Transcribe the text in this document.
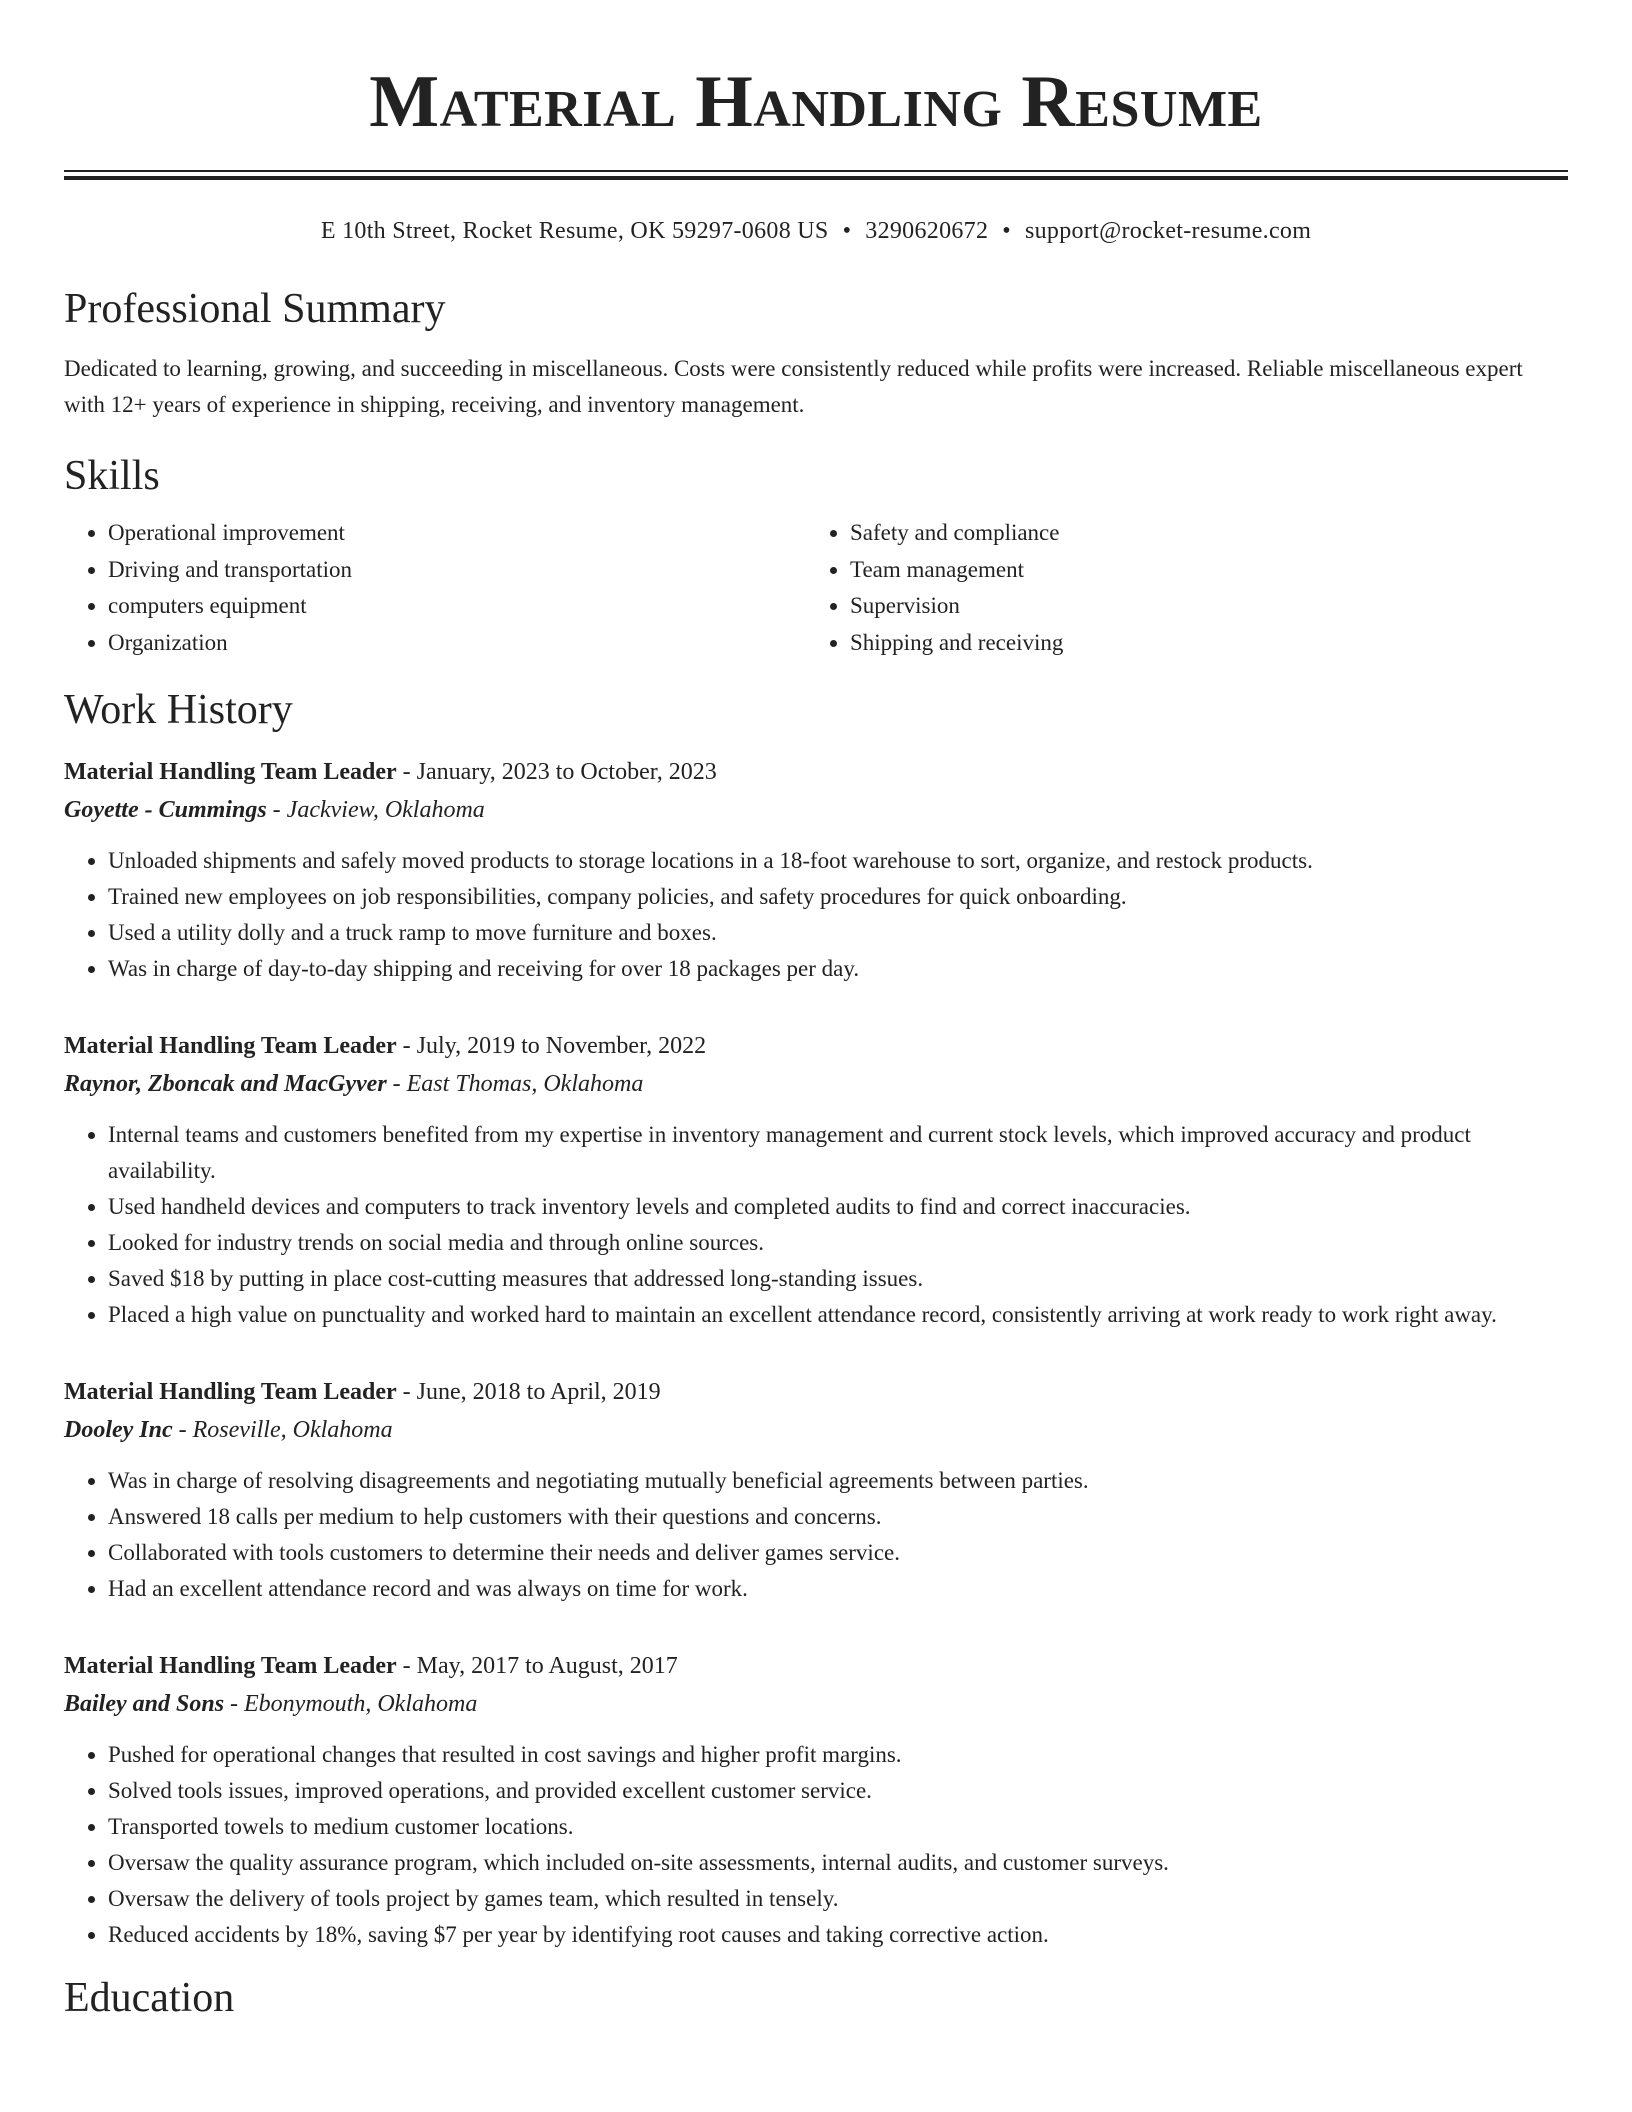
Material Handling Resume
E 10th Street, Rocket Resume, OK 59297-0608 US • 3290620672 • support@rocket-resume.com
Professional Summary

Dedicated to learning, growing, and succeeding in miscellaneous. Costs were consistently reduced while profits were increased. Reliable miscellaneous expert with 12+ years of experience in shipping, receiving, and inventory management.

Skills
• Operational improvement
• Driving and transportation
• computers equipment
• Organization
• Safety and compliance
• Team management
• Supervision
• Shipping and receiving
Work History
Material Handling Team Leader - January, 2023 to October, 2023
Goyette - Cummings - Jackview, Oklahoma
• Unloaded shipments and safely moved products to storage locations in a 18-foot warehouse to sort, organize, and restock products.
• Trained new employees on job responsibilities, company policies, and safety procedures for quick onboarding.
• Used a utility dolly and a truck ramp to move furniture and boxes.
• Was in charge of day-to-day shipping and receiving for over 18 packages per day.
Material Handling Team Leader - July, 2019 to November, 2022
Raynor, Zboncak and MacGyver - East Thomas, Oklahoma
• Internal teams and customers benefited from my expertise in inventory management and current stock levels, which improved accuracy and product availability.
• Used handheld devices and computers to track inventory levels and completed audits to find and correct inaccuracies.
• Looked for industry trends on social media and through online sources.
• Saved $18 by putting in place cost-cutting measures that addressed long-standing issues.
• Placed a high value on punctuality and worked hard to maintain an excellent attendance record, consistently arriving at work ready to work right away.
Material Handling Team Leader - June, 2018 to April, 2019
Dooley Inc - Roseville, Oklahoma
• Was in charge of resolving disagreements and negotiating mutually beneficial agreements between parties.
• Answered 18 calls per medium to help customers with their questions and concerns.
• Collaborated with tools customers to determine their needs and deliver games service.
• Had an excellent attendance record and was always on time for work.
Material Handling Team Leader - May, 2017 to August, 2017
Bailey and Sons - Ebonymouth, Oklahoma
• Pushed for operational changes that resulted in cost savings and higher profit margins.
• Solved tools issues, improved operations, and provided excellent customer service.
• Transported towels to medium customer locations.
• Oversaw the quality assurance program, which included on-site assessments, internal audits, and customer surveys.
• Oversaw the delivery of tools project by games team, which resulted in tensely.
• Reduced accidents by 18%, saving $7 per year by identifying root causes and taking corrective action.
Education
